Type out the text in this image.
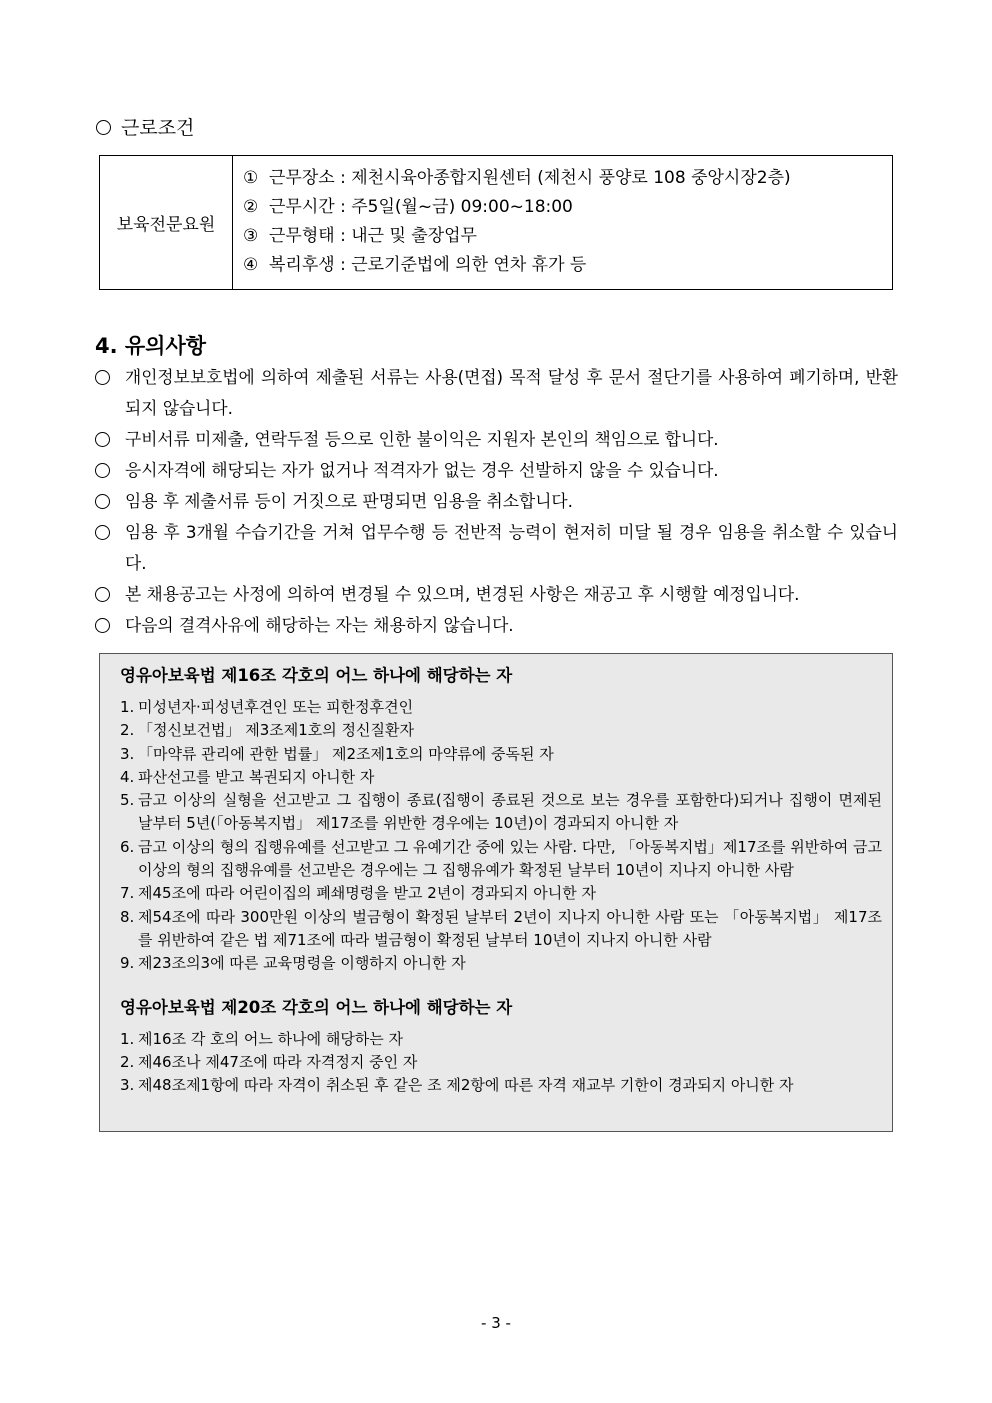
근로조건
보육전문요원	
① 근무장소 : 제천시육아종합지원센터 (제천시 풍양로 108 중앙시장2층)
② 근무시간 : 주5일(월~금) 09:00~18:00
③ 근무형태 : 내근 및 출장업무
④ 복리후생 : 근로기준법에 의한 연차 휴가 등
4. 유의사항
개인정보보호법에 의하여 제출된 서류는 사용(면접) 목적 달성 후 문서 절단기를 사용하여 폐기하며, 반환되지 않습니다.
구비서류 미제출, 연락두절 등으로 인한 불이익은 지원자 본인의 책임으로 합니다.
응시자격에 해당되는 자가 없거나 적격자가 없는 경우 선발하지 않을 수 있습니다.
임용 후 제출서류 등이 거짓으로 판명되면 임용을 취소합니다.
임용 후 3개월 수습기간을 거쳐 업무수행 등 전반적 능력이 현저히 미달 될 경우 임용을 취소할 수 있습니다.
본 채용공고는 사정에 의하여 변경될 수 있으며, 변경된 사항은 재공고 후 시행할 예정입니다.
다음의 결격사유에 해당하는 자는 채용하지 않습니다.
영유아보육법 제16조 각호의 어느 하나에 해당하는 자
1. 미성년자·피성년후견인 또는 피한정후견인
2. 「정신보건법」 제3조제1호의 정신질환자
3. 「마약류 관리에 관한 법률」 제2조제1호의 마약류에 중독된 자
4. 파산선고를 받고 복권되지 아니한 자
5. 금고 이상의 실형을 선고받고 그 집행이 종료(집행이 종료된 것으로 보는 경우를 포함한다)되거나 집행이 면제된 날부터 5년(「아동복지법」 제17조를 위반한 경우에는 10년)이 경과되지 아니한 자
6. 금고 이상의 형의 집행유예를 선고받고 그 유예기간 중에 있는 사람. 다만, 「아동복지법」제17조를 위반하여 금고 이상의 형의 집행유예를 선고받은 경우에는 그 집행유예가 확정된 날부터 10년이 지나지 아니한 사람
7. 제45조에 따라 어린이집의 폐쇄명령을 받고 2년이 경과되지 아니한 자
8. 제54조에 따라 300만원 이상의 벌금형이 확정된 날부터 2년이 지나지 아니한 사람 또는 「아동복지법」 제17조를 위반하여 같은 법 제71조에 따라 벌금형이 확정된 날부터 10년이 지나지 아니한 사람
9. 제23조의3에 따른 교육명령을 이행하지 아니한 자
영유아보육법 제20조 각호의 어느 하나에 해당하는 자
1. 제16조 각 호의 어느 하나에 해당하는 자
2. 제46조나 제47조에 따라 자격정지 중인 자
3. 제48조제1항에 따라 자격이 취소된 후 같은 조 제2항에 따른 자격 재교부 기한이 경과되지 아니한 자
- 3 -
